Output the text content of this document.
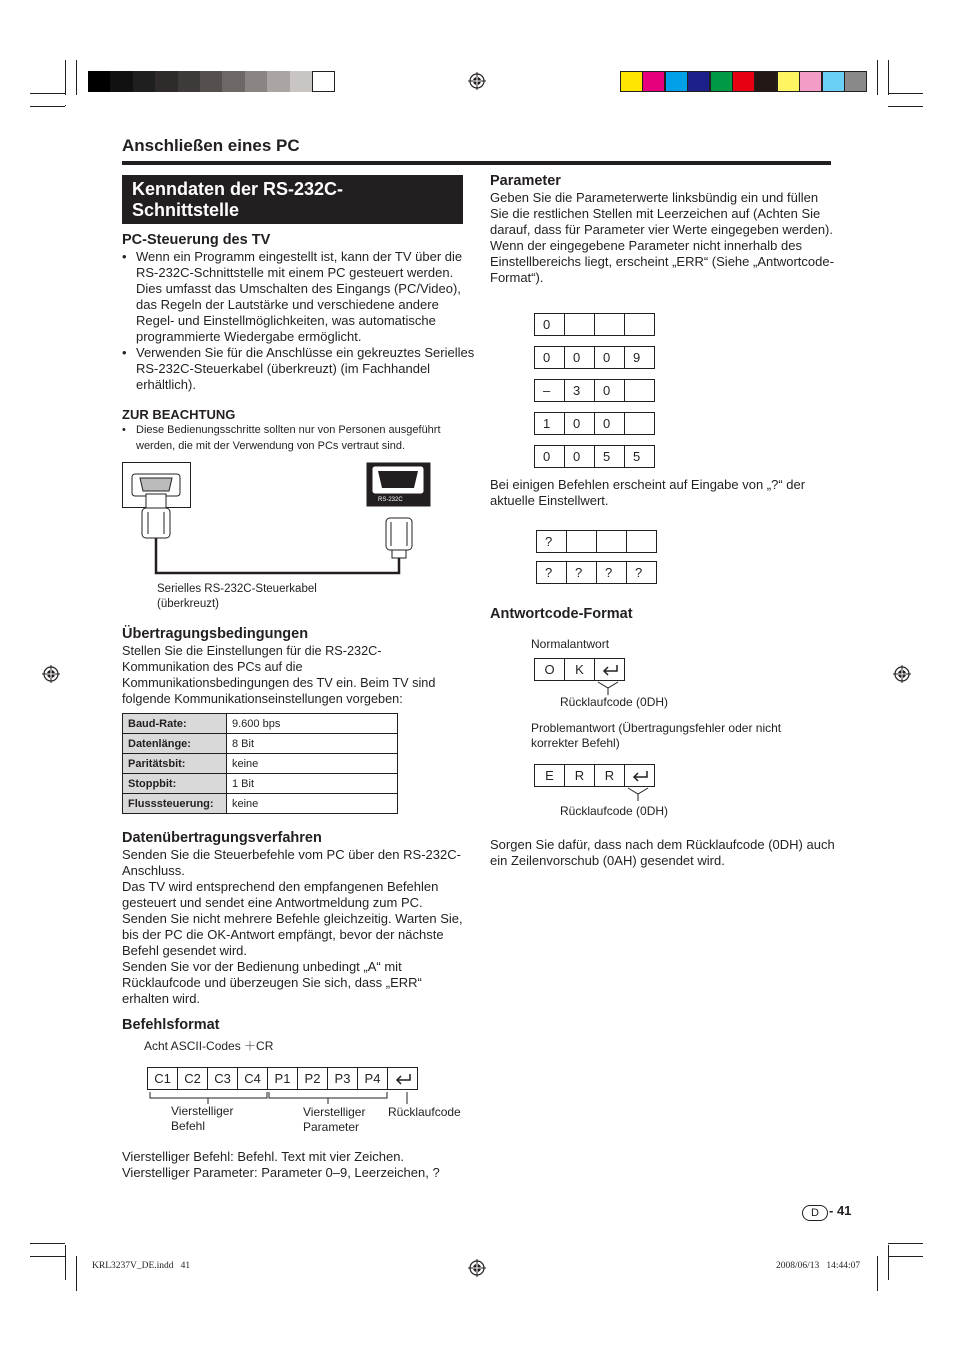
Anschließen eines PC
Kenndaten der RS-232C-
Schnittstelle
PC-Steuerung des TV
• Wenn ein Programm eingestellt ist, kann der TV über die RS-232C-Schnittstelle mit einem PC gesteuert werden. Dies umfasst das Umschalten des Eingangs (PC/Video), das Regeln der Lautstärke und verschiedene andere Regel- und Einstellmöglichkeiten, was automatische programmierte Wiedergabe ermöglicht.
• Verwenden Sie für die Anschlüsse ein gekreuztes Serielles RS-232C-Steuerkabel (überkreuzt) (im Fachhandel erhältlich).
ZUR BEACHTUNG
• Diese Bedienungsschritte sollten nur von Personen ausgeführt werden, die mit der Verwendung von PCs vertraut sind.
RS-232C
Serielles RS-232C-Steuerkabel
(überkreuzt)
Übertragungsbedingungen
Stellen Sie die Einstellungen für die RS-232C-Kommunikation des PCs auf die Kommunikationsbedingungen des TV ein. Beim TV sind folgende Kommunikationseinstellungen vorgeben:
Baud-Rate:	9.600 bps
Datenlänge:	8 Bit
Paritätsbit:	keine
Stoppbit:	1 Bit
Flusssteuerung:	keine
Datenübertragungsverfahren
Senden Sie die Steuerbefehle vom PC über den RS-232C-Anschluss.
Das TV wird entsprechend den empfangenen Befehlen gesteuert und sendet eine Antwortmeldung zum PC.
Senden Sie nicht mehrere Befehle gleichzeitig. Warten Sie, bis der PC die OK-Antwort empfängt, bevor der nächste Befehl gesendet wird.
Senden Sie vor der Bedienung unbedingt „A“ mit Rücklaufcode und überzeugen Sie sich, dass „ERR“ erhalten wird.
Befehlsformat
Acht ASCII-Codes ＋CR
C1	C2	C3	C4	P1	P2	P3	P4
Vierstelliger
Befehl
Vierstelliger
Parameter
Rücklaufcode
Vierstelliger Befehl: Befehl. Text mit vier Zeichen.
Vierstelliger Parameter: Parameter 0–9, Leerzeichen, ?
Parameter
Geben Sie die Parameterwerte linksbündig ein und füllen Sie die restlichen Stellen mit Leerzeichen auf (Achten Sie darauf, dass für Parameter vier Werte eingegeben werden).
Wenn der eingegebene Parameter nicht innerhalb des Einstellbereichs liegt, erscheint „ERR“ (Siehe „Antwortcode-Format“).
0
0	0	0	9
–	3	0
1	0	0
0	0	5	5
Bei einigen Befehlen erscheint auf Eingabe von „?“ der aktuelle Einstellwert.
?
?	?	?	?
Antwortcode-Format
Normalantwort
O	K
Rücklaufcode (0DH)
Problemantwort (Übertragungsfehler oder nicht korrekter Befehl)
E	R	R
Rücklaufcode (0DH)
Sorgen Sie dafür, dass nach dem Rücklaufcode (0DH) auch ein Zeilenvorschub (0AH) gesendet wird.
D - 41
KRL3237V_DE.indd   41	2008/06/13   14:44:07
